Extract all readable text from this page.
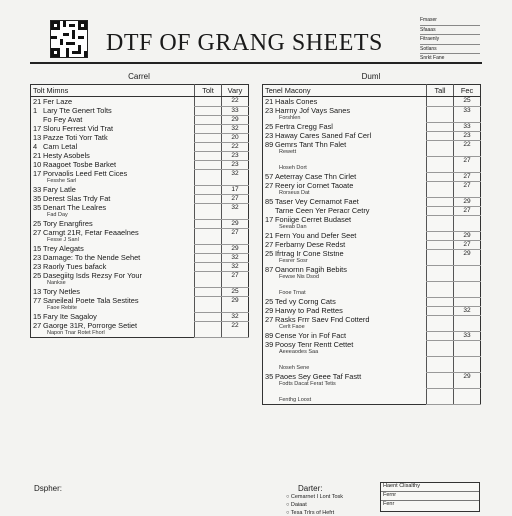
DTF OF GRANG SHEETS
Fmaser
Sfaaas
Fitraenly
Sotlans
Snrkt Fane
Carrel	Duml
Tolt Mimns	Tolt	Vary
21 Fer Laze		22
1 Lary Tte Genert Tolts		33
Fo Fey Avat		29
17 Sloru Ferrest Vid Trat		32
13 Pazze Toti Yorr Tatk		20
4 Carn Letal		22
21 Hesty Asobels		23
10 Raagoet Tosbe Barket		23
17 Porvaolis Leed Fett Cices
Fesshe Sarl		32
33 Fary Latle		17
35 Derest Slas Trdy Fat		27
35 Denart The Lealres
Fad Day		32
25 Tory Enargfires		29
27 Carngt 21R, Fetar Feaaelnes
Fesse J Sanl		27
15 Trey Alegats		29
23 Damage: To the Nende Sehet		32
23 Raorly Tues bafack		32
25 Dasegiitg Isds Rezsy For Your
Nankse		27
13 Tory Netles		25
77 Saneileal Poete Tala Sestites
Faoe Rebite		29
15 Fary Ite Sagaloy		32
27 Gaorge 31R, Porrorge Setiet
Napon Tnar Rotet Fhorl		22
Tenel Macony	Tall	Fec
21 Haals Cones		25
23 Harrny Jof Vays Sanes
Forshlen		33
25 Fertra Cregg Fasl		33
23 Haway Cares Saned Faf Cerl		23
89 Gemrs Tant Thn Falet
Rewett		22

Hoseh Dort		27
57 Aeterray Case Thn Cirlet		27
27 Reery ior Cornet Taoate
Rorseus Dat		27
85 Taser Vey Cernamot Faet		29
Tarne Ceen Yer Peracr Cetry		27
17 Foniige Cerret Budaset
Seeab Dan		

21 Fern You and Defer Seet		29
27 Ferbarny Dese Redst		27
25 Ifrtrag Ir Cone Ststne
Fesrer Sosr		29
87 Oanornn Fagih Bebits
Fewse Nis Dsod		

Fooe Trnat		

25 Ted vy Corng Cats		
29 Harwy to Pad Rettes		32
27 Rasks Frrr Saev Fnd Cotterd
Cerlt Faoe		

89 Cense Yor in Fof Fact		33
39 Poosy Tenr Rentt Cettet
Aeeeaodes Saa		

Noseh Sene		

35 Paoes Sey Geee Taf Fastt
Fodts Dacat Ferat Tetis		29

Fenthg Loost		

Dspher:	Darter:
○ Cemarnet I Lont Tosk
○ Daiaat
○ Tesa Trlrs of Hefrt
Haent Clisalthy
Fernr
Fenr
